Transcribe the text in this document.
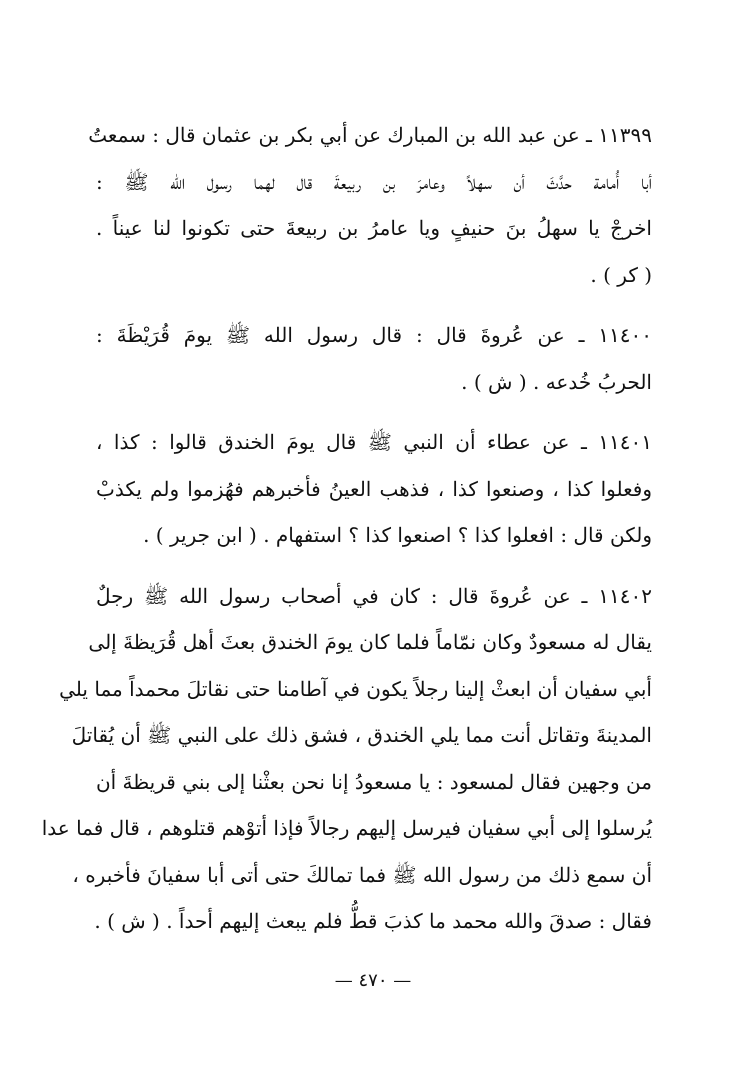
١١٣٩٩ ـ عن عبد الله بن المبارك عن أبي بكر بن عثمان قال : سمعتُ
أبا أُمامة حدَّثَ أن سهلاً وعامرَ بن ربيعةَ قال لهما رسول الله ﷺ :
اخرجْ يا سهلُ بنَ حنيفٍ ويا عامرُ بن ربيعةَ حتى تكونوا لنا عيناً .
( كر ) .

١١٤٠٠ ـ عن عُروةَ قال : قال رسول الله ﷺ يومَ قُرَيْظَةَ :
الحربُ خُدعه . ( ش ) .

١١٤٠١ ـ عن عطاء أن النبي ﷺ قال يومَ الخندق قالوا : كذا ،
وفعلوا كذا ، وصنعوا كذا ، فذهب العينُ فأخبرهم فهُزموا ولم يكذبْ
ولكن قال : افعلوا كذا ؟ اصنعوا كذا ؟ استفهام . ( ابن جرير ) .

١١٤٠٢ ـ عن عُروةَ قال : كان في أصحاب رسول الله ﷺ رجلٌ
يقال له مسعودٌ وكان نمّاماً فلما كان يومَ الخندق بعثَ أهل قُرَيظةَ إلى
أبي سفيان أن ابعثْ إلينا رجلاً يكون في آطامنا حتى نقاتلَ محمداً مما يلي
المدينةَ وتقاتل أنت مما يلي الخندق ، فشق ذلك على النبي ﷺ أن يُقاتلَ
من وجهين فقال لمسعود : يا مسعودُ إنا نحن بعثْنا إلى بني قريظةَ أن
يُرسلوا إلى أبي سفيان فيرسل إليهم رجالاً فإذا أتوْهم قتلوهم ، قال فما عدا
أن سمع ذلك من رسول الله ﷺ فما تمالكَ حتى أتى أبا سفيانَ فأخبره ،
فقال : صدقَ والله محمد ما كذبَ قطُّ فلم يبعث إليهم أحداً . ( ش ) .

— ٤٧٠ —
